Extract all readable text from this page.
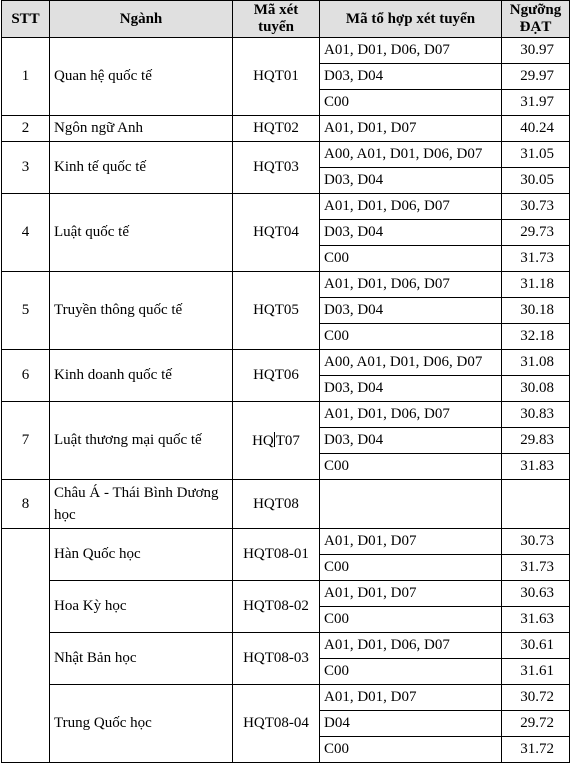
STT	Ngành	Mã xét tuyển	Mã tổ hợp xét tuyển	Ngưỡng ĐẠT
1	Quan hệ quốc tế	HQT01	A01, D01, D06, D07	30.97
			D03, D04	29.97
			C00	31.97
2	Ngôn ngữ Anh	HQT02	A01, D01, D07	40.24
3	Kinh tế quốc tế	HQT03	A00, A01, D01, D06, D07	31.05
			D03, D04	30.05
4	Luật quốc tế	HQT04	A01, D01, D06, D07	30.73
			D03, D04	29.73
			C00	31.73
5	Truyền thông quốc tế	HQT05	A01, D01, D06, D07	31.18
			D03, D04	30.18
			C00	32.18
6	Kinh doanh quốc tế	HQT06	A00, A01, D01, D06, D07	31.08
			D03, D04	30.08
7	Luật thương mại quốc tế	HQ T07	A01, D01, D06, D07	30.83
			D03, D04	29.83
			C00	31.83
8	Châu Á - Thái Bình Dương học	HQT08		
	Hàn Quốc học	HQT08-01	A01, D01, D07	30.73
			C00	31.73
	Hoa Kỳ học	HQT08-02	A01, D01, D07	30.63
			C00	31.63
	Nhật Bản học	HQT08-03	A01, D01, D06, D07	30.61
			C00	31.61
	Trung Quốc học	HQT08-04	A01, D01, D07	30.72
			D04	29.72
			C00	31.72
